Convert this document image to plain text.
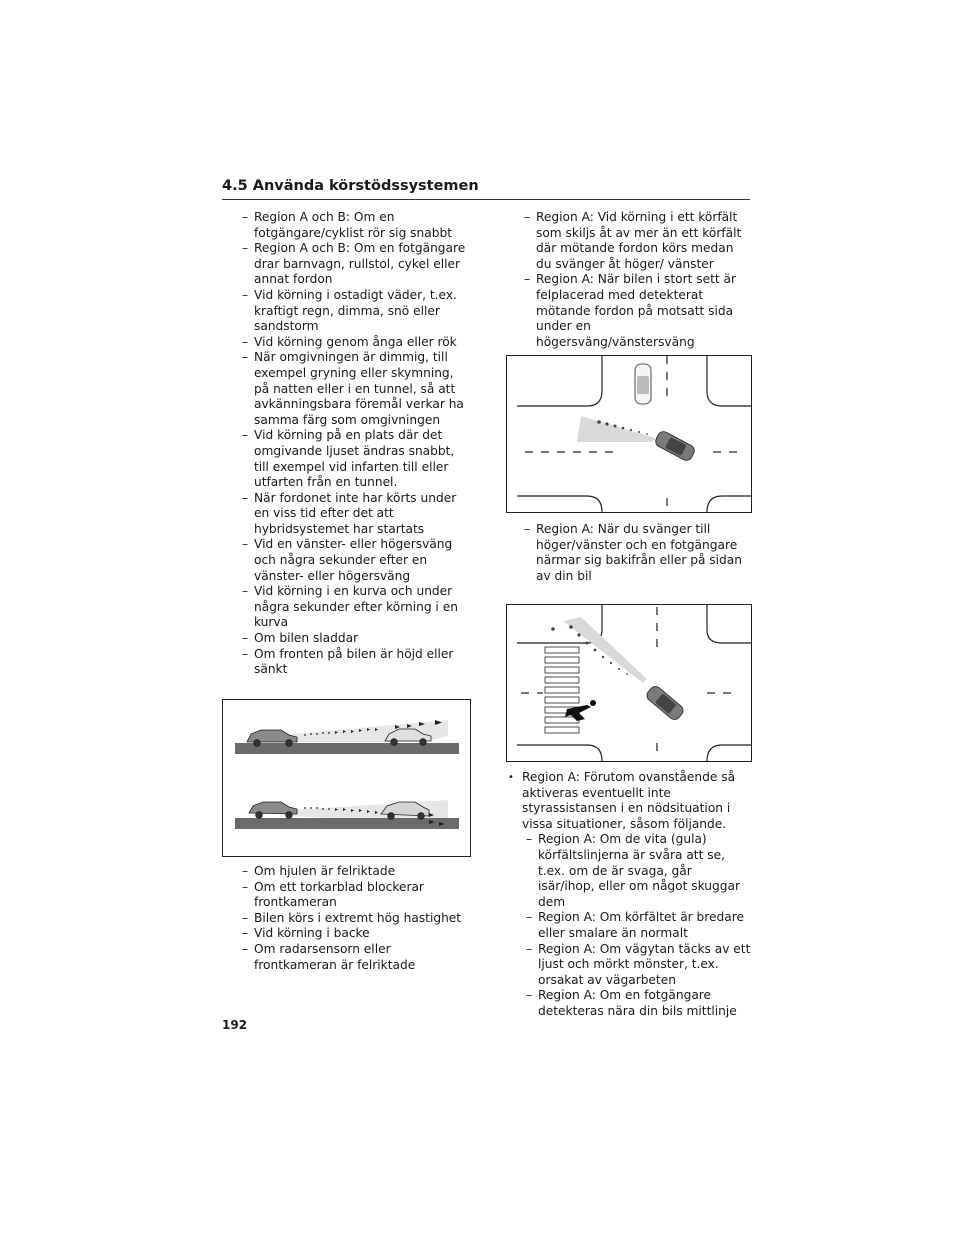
4.5 Använda körstödssystemen
– Region A och B: Om en fotgängare/cyklist rör sig snabbt
– Region A och B: Om en fotgängare drar barnvagn, rullstol, cykel eller annat fordon
– Vid körning i ostadigt väder, t.ex. kraftigt regn, dimma, snö eller sandstorm
– Vid körning genom ånga eller rök
– När omgivningen är dimmig, till exempel gryning eller skymning, på natten eller i en tunnel, så att avkänningsbara föremål verkar ha samma färg som omgivningen
– Vid körning på en plats där det omgivande ljuset ändras snabbt, till exempel vid infarten till eller utfarten från en tunnel.
– När fordonet inte har körts under en viss tid efter det att hybridsystemet har startats
– Vid en vänster- eller högersväng och några sekunder efter en vänster- eller högersväng
– Vid körning i en kurva och under några sekunder efter körning i en kurva
– Om bilen sladdar
– Om fronten på bilen är höjd eller sänkt
– Om hjulen är felriktade
– Om ett torkarblad blockerar frontkameran
– Bilen körs i extremt hög hastighet
– Vid körning i backe
– Om radarsensorn eller frontkameran är felriktade
– Region A: Vid körning i ett körfält som skiljs åt av mer än ett körfält där mötande fordon körs medan du svänger åt höger/ vänster
– Region A: När bilen i stort sett är felplacerad med detekterat mötande fordon på motsatt sida under en högersväng/vänstersväng
– Region A: När du svänger till höger/vänster och en fotgängare närmar sig bakifrån eller på sidan av din bil
• Region A: Förutom ovanstående så aktiveras eventuellt inte styrassistansen i en nödsituation i vissa situationer, såsom följande.
– Region A: Om de vita (gula) körfältslinjerna är svåra att se, t.ex. om de är svaga, går isär/ihop, eller om något skuggar dem
– Region A: Om körfältet är bredare eller smalare än normalt
– Region A: Om vägytan täcks av ett ljust och mörkt mönster, t.ex. orsakat av vägarbeten
– Region A: Om en fotgängare detekteras nära din bils mittlinje
192
